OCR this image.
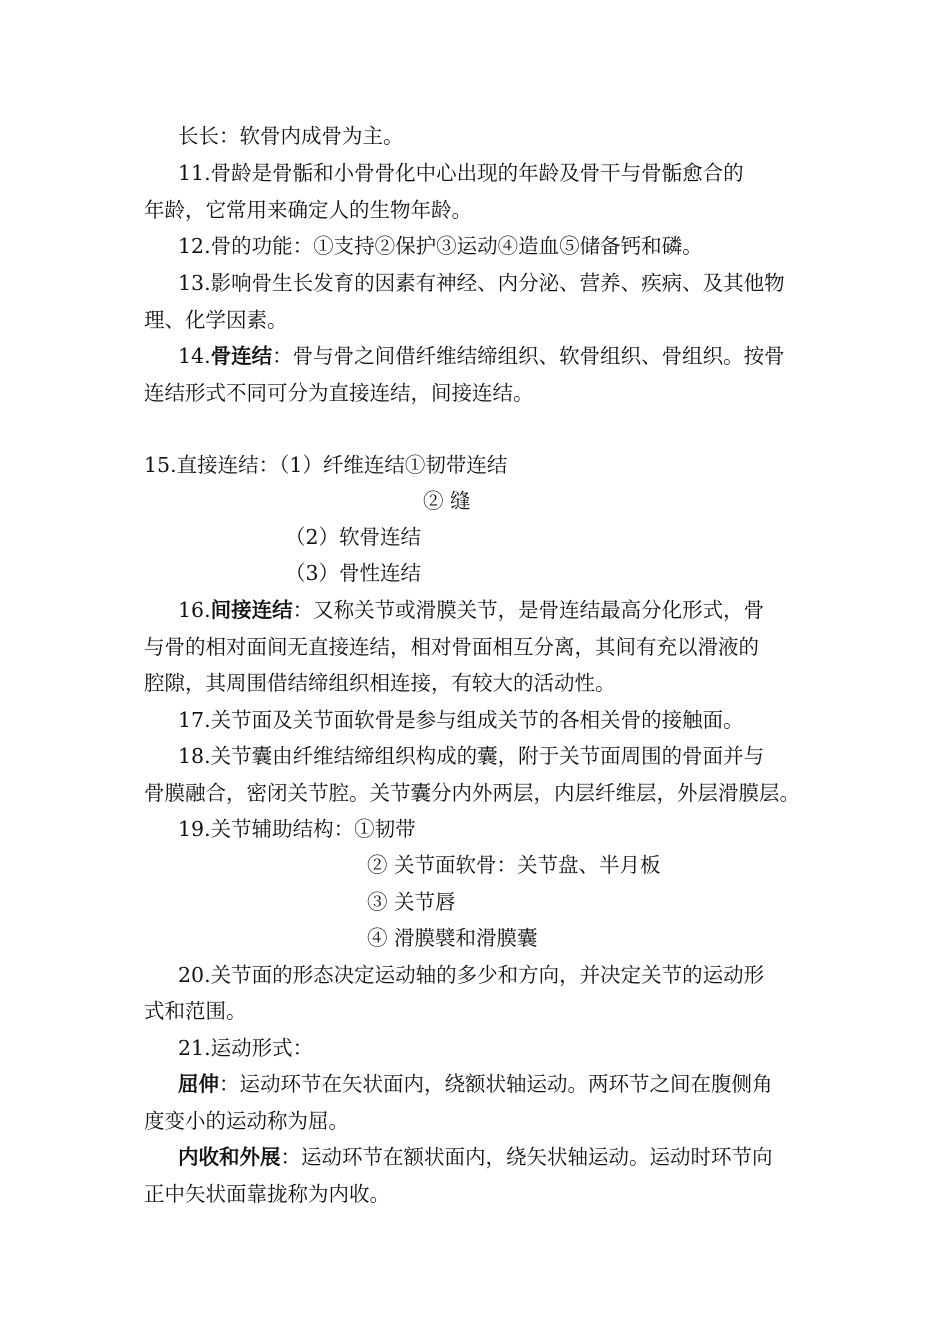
长长：软骨内成骨为主。
11.骨龄是骨骺和小骨骨化中心出现的年龄及骨干与骨骺愈合的
年龄，它常用来确定人的生物年龄。
12.骨的功能：①支持②保护③运动④造血⑤储备钙和磷。
13.影响骨生长发育的因素有神经、内分泌、营养、疾病、及其他物
理、化学因素。
14.骨连结：骨与骨之间借纤维结缔组织、软骨组织、骨组织。按骨
连结形式不同可分为直接连结，间接连结。
15.直接连结：（1）纤维连结①韧带连结
② 缝
（2）软骨连结
（3）骨性连结
16.间接连结：又称关节或滑膜关节，是骨连结最高分化形式，骨
与骨的相对面间无直接连结，相对骨面相互分离，其间有充以滑液的
腔隙，其周围借结缔组织相连接，有较大的活动性。
17.关节面及关节面软骨是参与组成关节的各相关骨的接触面。
18.关节囊由纤维结缔组织构成的囊，附于关节面周围的骨面并与
骨膜融合，密闭关节腔。关节囊分内外两层，内层纤维层，外层滑膜层。
19.关节辅助结构：①韧带
② 关节面软骨：关节盘、半月板
③ 关节唇
④ 滑膜襞和滑膜囊
20.关节面的形态决定运动轴的多少和方向，并决定关节的运动形
式和范围。
21.运动形式：
屈伸：运动环节在矢状面内，绕额状轴运动。两环节之间在腹侧角
度变小的运动称为屈。
内收和外展：运动环节在额状面内，绕矢状轴运动。运动时环节向
正中矢状面靠拢称为内收。
